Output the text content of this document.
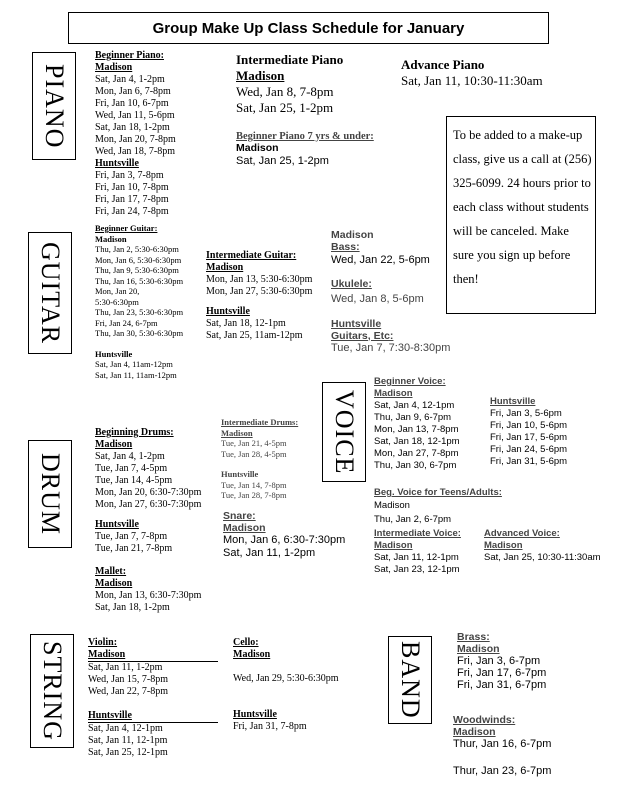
Group Make Up Class Schedule for January
PIANO
GUITAR
DRUM
VOICE
STRING	BAND
To be added to a make-up class, give us a call at (256) 325-6099. 24 hours prior to each class without students will be canceled. Make sure you sign up before then!
Beginner Piano:
Madison
Sat, Jan 4, 1-2pm
Mon, Jan 6, 7-8pm
Fri, Jan 10, 6-7pm
Wed, Jan 11, 5-6pm
Sat, Jan 18, 1-2pm
Mon, Jan 20, 7-8pm
Wed, Jan 18, 7-8pm
Huntsville
Fri, Jan 3, 7-8pm
Fri, Jan 10, 7-8pm
Fri, Jan 17, 7-8pm
Fri, Jan 24, 7-8pm
Intermediate Piano
Madison
Wed, Jan 8, 7-8pm
Sat, Jan 25, 1-2pm
Advance Piano
Sat, Jan 11, 10:30-11:30am
Beginner Piano 7 yrs & under:
Madison
Sat, Jan 25, 1-2pm
Beginner Guitar:
Madison
Thu, Jan 2, 5:30-6:30pm
Mon, Jan 6, 5:30-6:30pm
Thu, Jan 9, 5:30-6:30pm
Thu, Jan 16, 5:30-6:30pm
Mon, Jan 20,
5:30-6:30pm
Thu, Jan 23, 5:30-6:30pm
Fri, Jan 24, 6-7pm
Thu, Jan 30, 5:30-6:30pm
Huntsville
Sat, Jan 4, 11am-12pm
Sat, Jan 11, 11am-12pm
Intermediate Guitar:
Madison
Mon, Jan 13, 5:30-6:30pm
Mon, Jan 27, 5:30-6:30pm
Huntsville
Sat, Jan 18, 12-1pm
Sat, Jan 25, 11am-12pm
Madison
Bass:
Wed, Jan 22, 5-6pm
Ukulele:
Wed, Jan 8, 5-6pm
Huntsville
Guitars, Etc:
Tue, Jan 7, 7:30-8:30pm
Beginning Drums:
Madison
Sat, Jan 4, 1-2pm
Tue, Jan 7, 4-5pm
Tue, Jan 14, 4-5pm
Mon, Jan 20, 6:30-7:30pm
Mon, Jan 27, 6:30-7:30pm
Huntsville
Tue, Jan 7, 7-8pm
Tue, Jan 21, 7-8pm
Intermediate Drums:
Madison
Tue, Jan 21, 4-5pm
Tue, Jan 28, 4-5pm
Huntsville
Tue, Jan 14, 7-8pm
Tue, Jan 28, 7-8pm
Snare:
Madison
Mon, Jan 6, 6:30-7:30pm
Sat, Jan 11, 1-2pm
Mallet:
Madison
Mon, Jan 13, 6:30-7:30pm
Sat, Jan 18, 1-2pm
Beginner Voice:
Madison
Sat, Jan 4, 12-1pm
Thu, Jan 9, 6-7pm
Mon, Jan 13, 7-8pm
Sat, Jan 18, 12-1pm
Mon, Jan 27, 7-8pm
Thu, Jan 30, 6-7pm
Huntsville
Fri, Jan 3, 5-6pm
Fri, Jan 10, 5-6pm
Fri, Jan 17, 5-6pm
Fri, Jan 24, 5-6pm
Fri, Jan 31, 5-6pm
Beg. Voice for Teens/Adults:
Madison
Thu, Jan 2, 6-7pm
Intermediate Voice:
Madison
Sat, Jan 11, 12-1pm
Sat, Jan 23, 12-1pm
Advanced Voice:
Madison
Sat, Jan 25, 10:30-11:30am
Violin:
Madison
Sat, Jan 11, 1-2pm
Wed, Jan 15, 7-8pm
Wed, Jan 22, 7-8pm
Huntsville
Sat, Jan 4, 12-1pm
Sat, Jan 11, 12-1pm
Sat, Jan 25, 12-1pm
Cello:
Madison
Wed, Jan 29, 5:30-6:30pm
Huntsville
Fri, Jan 31, 7-8pm
Brass:
Madison
Fri, Jan 3, 6-7pm
Fri, Jan 17, 6-7pm
Fri, Jan 31, 6-7pm
Woodwinds:
Madison
Thur, Jan 16, 6-7pm
Thur, Jan 23, 6-7pm
